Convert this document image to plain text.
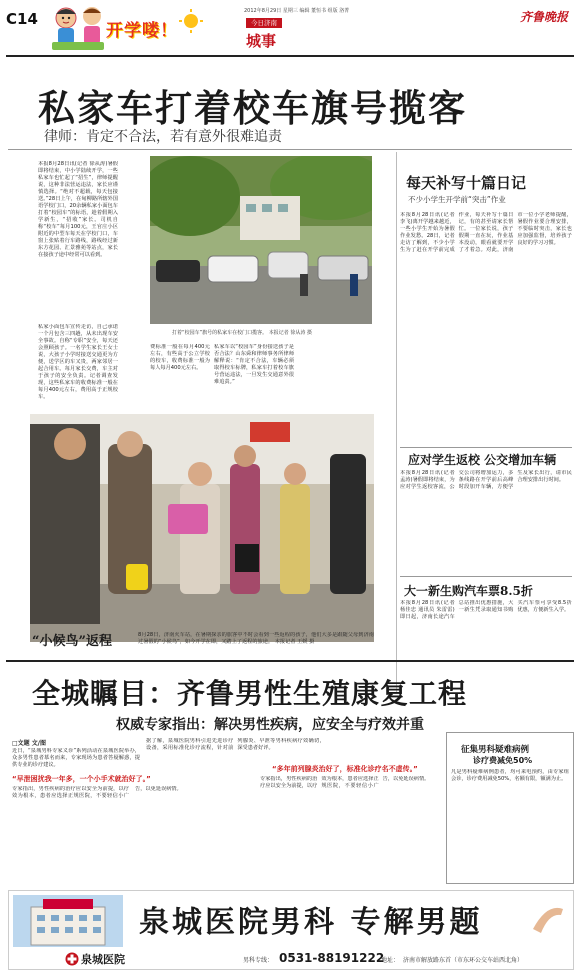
C14
开学喽！
2012年8月29日 星期三 编辑 董恒书 组版 洛菁
今日济南
城事
齐鲁晚报
私家车打着校车旗号揽客
律师：肯定不合法，若有意外很难追责
本报8月28日讯(记者 徐从涛)暑假即将结束，中小学陆续开学，一些私家车也忙起了“招生”，律师提醒说，这种非法营运违法，家长应谨慎选择。“绝对不超载，每天包接送。”28日上午，在甸柳路所辖外国语学校门口，20余辆私家小面包车打着“校园车”的标语，趁着假期入学新生，“招收”家长。司机自称“校车”每月100元，王官庄小区附近的中型车每天在学校门口，车窗上张贴着行车路线，路线经过新东方花园、汇景雅苑等站点，家长在接孩子途中经常可以看到。
私家小面包车宣传走访，自己承诺一个月包含三四趟，从未出现车安全事故。自称“专职”安全，每天还会照顾孩子。一名学生家长王女士说，大孩子小学时接送交通更为方便，送学区的车又贵，两家邻居一起合用车。每月家长交费，车主对于孩子的安全负责。记者调查发现，这些私家车的收费标准一般在每月400元左右，费用高于正规校车。
打着“校园车”旗号的私家车在校门口揽客。 本报记者 徐从涛 摄
费标准一般在每月400元左右，有些高于公立学校的校车，收费标准一般为每人每月400元左右。
私家车以“校园车”身份接送孩子是否合法？山东舜和律师事务所律师解释说：“肯定不合法，车辆必须取得校车标牌，私家车打着校车旗号营运违法，一旦发生交通意外很难追责。”
每天补写十篇日记
不少小学生开学前“突击”作业
本报8月28日讯(记者 李飞)离开学越来越近，一些小学生开始为暑假作业发愁。28日，记者走访了解到，不少小学生为了赶在开学前完成作业，每天补写十篇日记，有的甚至请家长帮忙。一位家长说，孩子假期一直在玩，作业基本没动，眼看就要开学了才着急。对此，济南市一位小学老师提醒，暑假作业要合理安排，不要临时突击，家长也应加强监督，培养孩子良好的学习习惯。
应对学生返校 公交增加车辆
本报8月28日讯(记者 孟涛)暑假即将结束，为应对学生返校客流，公交公司将增加运力，多条线路在开学前后高峰时段加开车辆，方便学生及家长出行，请市民合理安排出行时间。
大一新生购汽车票8.5折
本报8月28日讯(记者 杨佳忠 通讯员 朱雷雷)即日起，济南长途汽车总站推出优惠措施，大一新生凭录取通知书购买汽车票可享受8.5折优惠，方便新生入学。
“小候鸟”返程	8月28日，济南火车站，在暑期探亲的旅客中不时会看到一些返程的孩子，他们大多是跟随父母到济南过暑假的“小候鸟”，如今开学在即，又踏上了返程的旅途。 本报记者 王媛 摄
全城瞩目：齐鲁男性生殖康复工程
权威专家指出：解决男性疾病，应安全与疗效并重
□文题 文/图
近日，“泉城男科专家义诊”系列活动在泉城医院举办，众多男性患者慕名而来，专家现场为患者答疑解惑，提供专业的诊疗建议。
“早泄困扰我一年多，一个小手术就治好了。”
专家指出，男性疾病的治疗应以安全为前提，以疗效为根本，患者应选择正规医院，不要轻信小广告，以免延误病情。
据了解，泉城医院男科引进先进诊疗设备，采用标准化诊疗流程，针对前列腺炎、早泄等男科疾病疗效确切，深受患者好评。
“多年前列腺炎治好了，标准化诊疗名不虚传。”
专家指出，男性疾病的治疗应以安全为前提，以疗效为根本，患者应选择正规医院，不要轻信小广告，以免延误病情。
征集男科疑难病例
诊疗费减免50%
凡是男科疑难病例患者，均可来电预约，由专家组会诊，诊疗费用减免50%，名额有限，额满为止。
泉城医院男科 专解男题
泉城医院	男科专线： 0531-88191222
地址： 济南市解放路东首（市东环公交车站西北角）
